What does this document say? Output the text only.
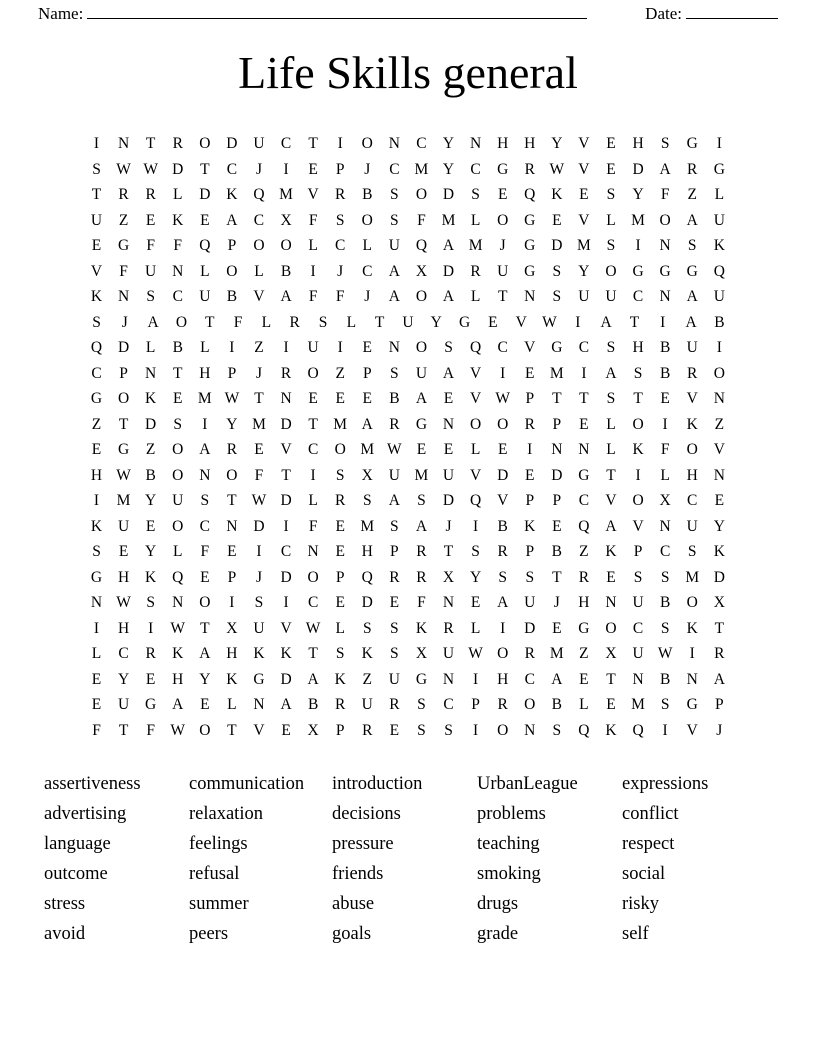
Name:	Date:
Life Skills general
I	N	T	R	O	D	U	C	T	I	O	N	C	Y	N	H	H	Y	V	E	H	S	G	I
S W W D	T	C	J	I	E	P	J	C M Y	C	G	R W V	E	D	A	R	G
T	R	R	L	D	K	Q M V	R	B	S	O	D	S	E	Q	K	E	S	Y	F	Z	L
U	Z	E	K	E	A	C	X	F	S	O	S	F	M L	O	G	E	V	L M O	A	U
E	G	F	F	Q	P	O	O	L	C	L	U	Q	A M	J	G	D M	S	I	N	S	K
V	F	U	N	L	O	L	B	I	J	C	A	X	D	R	U	G	S	Y	O	G	G	G	Q
K	N	S	C	U	B	V	A	F	F	J	A	O	A	L	T	N	S	U	U	C	N	A	U
S	J	A	O	T	F	L	R	S	L	T	U	Y	G	E	V W	I	A	T	I	A	B
Q	D	L	B	L	I	Z	I	U	I	E	N	O	S	Q	C	V	G	C	S	H	B	U	I
C	P	N	T	H	P	J	R	O	Z	P	S	U	A	V	I	E M	I	A	S	B	R	O
G	O	K	E M W T	N	E	E	E	B	A	E	V W P	T	T	S	T	E	V	N
Z	T	D	S	I	Y M D	T M A	R	G	N	O	O	R	P	E	L	O	I	K	Z
E	G	Z	O	A	R	E	V	C	O M W E	E	L	E	I	N	N	L	K	F	O	V
H W B	O	N	O	F	T	I	S	X	U M U	V	D	E	D	G	T	I	L	H	N
I	M Y	U	S	T W D	L	R	S	A	S	D	Q	V	P	P	C	V	O	X	C	E
K	U	E	O	C	N	D	I	F	E M	S	A	J	I	B	K	E	Q	A	V	N	U	Y
S	E	Y	L	F	E	I	C	N	E	H	P	R	T	S	R	P	B	Z	K	P	C	S	K
G	H	K	Q	E	P	J	D	O	P	Q	R	R	X	Y	S	S	T	R	E	S	S	M D
N W S	N	O	I	S	I	C	E	D	E	F	N	E	A	U	J	H	N	U	B	O	X
I	H	I	W T	X	U	V W L	S	S	K	R	L	I	D	E	G	O	C	S	K	T
L	C	R	K	A	H	K	K	T	S	K	S	X	U W O	R M Z	X	U W	I	R
E	Y	E	H	Y	K	G	D	A	K	Z	U	G	N	I	H	C	A	E	T	N	B	N	A
E	U	G	A	E	L	N	A	B	R	U	R	S	C	P	R	O	B	L	E M	S	G	P
F	T	F W O	T	V	E	X	P	R	E	S	S	I	O	N	S	Q	K	Q	I	V	J
assertiveness	communication	introduction	UrbanLeague	expressions
advertising	relaxation	decisions	problems	conflict
language	feelings	pressure	teaching	respect
outcome	refusal	friends	smoking	social
stress	summer	abuse	drugs	risky
avoid	peers	goals	grade	self
